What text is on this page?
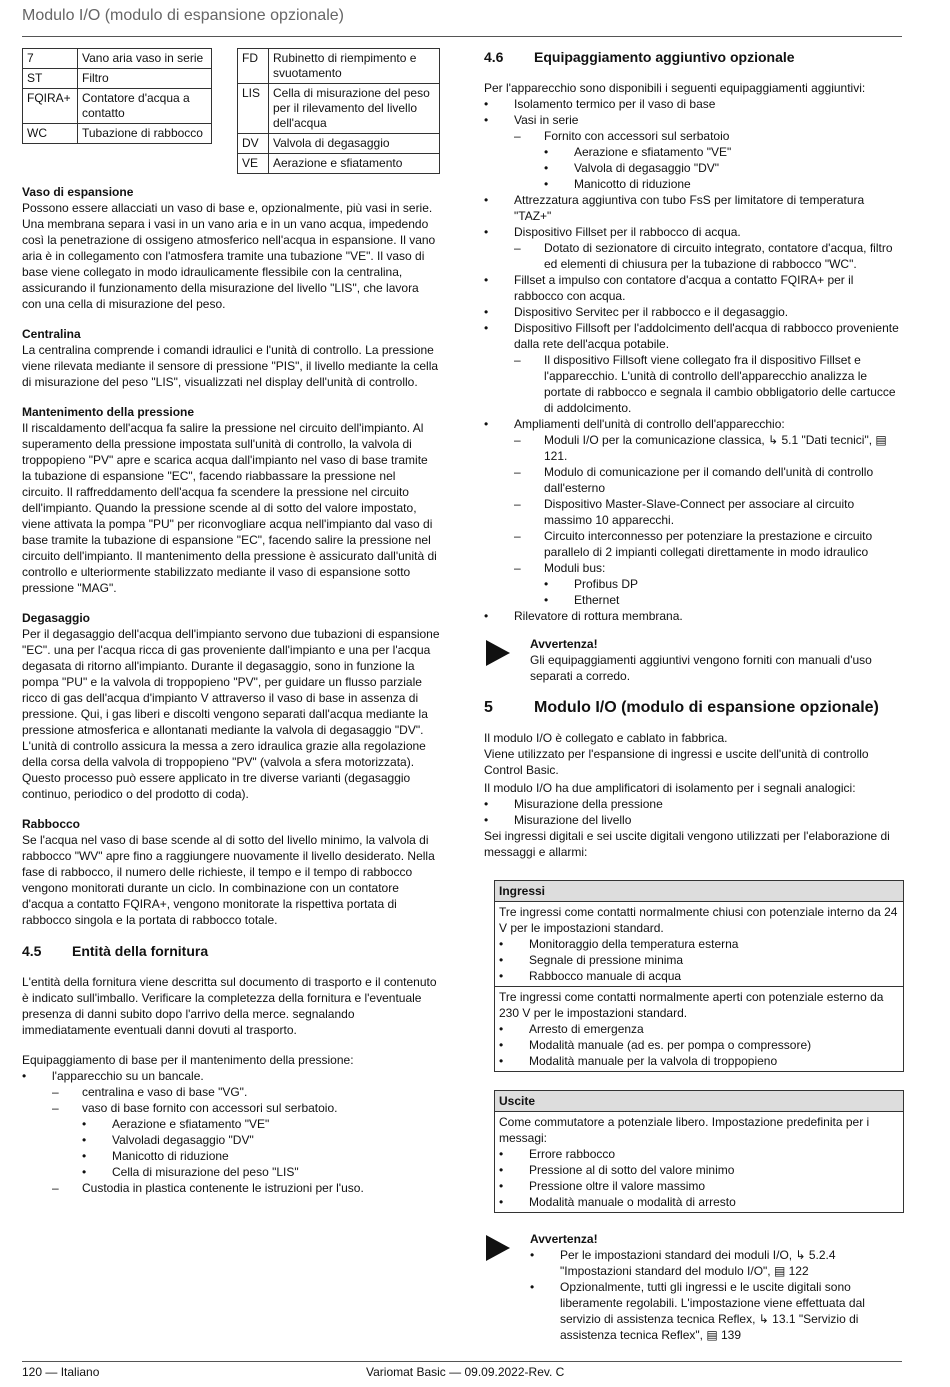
Modulo I/O (modulo di espansione opzionale)
7	Vano aria vaso in serie
ST	Filtro
FQIRA+	Contatore d'acqua a contatto
WC	Tubazione di rabbocco
FD	Rubinetto di riempimento e svuotamento
LIS	Cella di misurazione del peso per il rilevamento del livello dell'acqua
DV	Valvola di degasaggio
VE	Aerazione e sfiatamento
Vaso di espansione

Possono essere allacciati un vaso di base e, opzionalmente, più vasi in serie. Una membrana separa i vasi in un vano aria e in un vano acqua, impedendo così la penetrazione di ossigeno atmosferico nell'acqua in espansione. Il vano aria è in collegamento con l'atmosfera tramite una tubazione "VE". Il vaso di base viene collegato in modo idraulicamente flessibile con la centralina, assicurando il funzionamento della misurazione del livello "LIS", che lavora con una cella di misurazione del peso.

Centralina

La centralina comprende i comandi idraulici e l'unità di controllo. La pressione viene rilevata mediante il sensore di pressione "PIS", il livello mediante la cella di misurazione del peso "LIS", visualizzati nel display dell'unità di controllo.

Mantenimento della pressione

Il riscaldamento dell'acqua fa salire la pressione nel circuito dell'impianto. Al superamento della pressione impostata sull'unità di controllo, la valvola di troppopieno "PV" apre e scarica acqua dall'impianto nel vaso di base tramite la tubazione di espansione "EC", facendo riabbassare la pressione nel circuito. Il raffreddamento dell'acqua fa scendere la pressione nel circuito dell'impianto. Quando la pressione scende al di sotto del valore impostato, viene attivata la pompa "PU" per riconvogliare acqua nell'impianto dal vaso di base tramite la tubazione di espansione "EC", facendo salire la pressione nel circuito dell'impianto. Il mantenimento della pressione è assicurato dall'unità di controllo e ulteriormente stabilizzato mediante il vaso di espansione sotto pressione "MAG".

Degasaggio

Per il degasaggio dell'acqua dell'impianto servono due tubazioni di espansione "EC". una per l'acqua ricca di gas proveniente dall'impianto e una per l'acqua degasata di ritorno all'impianto. Durante il degasaggio, sono in funzione la pompa "PU" e la valvola di troppopieno "PV", per guidare un flusso parziale ricco di gas dell'acqua d'impianto V attraverso il vaso di base in assenza di pressione. Qui, i gas liberi e discolti vengono separati dall'acqua mediante la pressione atmosferica e allontanati mediante la valvola di degasaggio "DV". L'unità di controllo assicura la messa a zero idraulica grazie alla regolazione della corsa della valvola di troppopieno "PV" (valvola a sfera motorizzata). Questo processo può essere applicato in tre diverse varianti (degasaggio continuo, periodico o del prodotto di coda).

Rabbocco

Se l'acqua nel vaso di base scende al di sotto del livello minimo, la valvola di rabbocco "WV" apre fino a raggiungere nuovamente il livello desiderato. Nella fase di rabbocco, il numero delle richieste, il tempo e il tempo di rabbocco vengono monitorati durante un ciclo. In combinazione con un contatore d'acqua a contatto FQIRA+, vengono monitorate la rispettiva portata di rabbocco singola e la portata di rabbocco totale.

4.5 Entità della fornitura

L'entità della fornitura viene descritta sul documento di trasporto e il contenuto è indicato sull'imballo. Verificare la completezza della fornitura e l'eventuale presenza di danni subito dopo l'arrivo della merce. segnalando immediatamente eventuali danni dovuti al trasporto.

Equipaggiamento di base per il mantenimento della pressione:

• l'apparecchio su un bancale.
– centralina e vaso di base "VG".
– vaso di base fornito con accessori sul serbatoio.
• Aerazione e sfiatamento "VE"
• Valvoladi degasaggio "DV"
• Manicotto di riduzione
• Cella di misurazione del peso "LIS"
– Custodia in plastica contenente le istruzioni per l'uso.
4.6 Equipaggiamento aggiuntivo opzionale

Per l'apparecchio sono disponibili i seguenti equipaggiamenti aggiuntivi:

• Isolamento termico per il vaso di base
• Vasi in serie
– Fornito con accessori sul serbatoio
• Aerazione e sfiatamento "VE"
• Valvola di degasaggio "DV"
• Manicotto di riduzione
• Attrezzatura aggiuntiva con tubo FsS per limitatore di temperatura "TAZ+"
• Dispositivo Fillset per il rabbocco di acqua.
– Dotato di sezionatore di circuito integrato, contatore d'acqua, filtro ed elementi di chiusura per la tubazione di rabbocco "WC".
• Fillset a impulso con contatore d'acqua a contatto FQIRA+ per il rabbocco con acqua.
• Dispositivo Servitec per il rabbocco e il degasaggio.
• Dispositivo Fillsoft per l'addolcimento dell'acqua di rabbocco proveniente dalla rete dell'acqua potabile.
– Il dispositivo Fillsoft viene collegato fra il dispositivo Fillset e l'apparecchio. L'unità di controllo dell'apparecchio analizza le portate di rabbocco e segnala il cambio obbligatorio delle cartucce di addolcimento.
• Ampliamenti dell'unità di controllo dell'apparecchio:
– Moduli I/O per la comunicazione classica, ↳ 5.1 "Dati tecnici", ▤ 121.
– Modulo di comunicazione per il comando dell'unità di controllo dall'esterno
– Dispositivo Master-Slave-Connect per associare al circuito massimo 10 apparecchi.
– Circuito interconnesso per potenziare la prestazione e circuito parallelo di 2 impianti collegati direttamente in modo idraulico
– Moduli bus:
• Profibus DP
• Ethernet
• Rilevatore di rottura membrana.
Avvertenza!
Gli equipaggiamenti aggiuntivi vengono forniti con manuali d'uso separati a corredo.
5	Modulo I/O (modulo di espansione opzionale)
Il modulo I/O è collegato e cablato in fabbrica.
Viene utilizzato per l'espansione di ingressi e uscite dell'unità di controllo Control Basic.
Il modulo I/O ha due amplificatori di isolamento per i segnali analogici:
• Misurazione della pressione
• Misurazione del livello

Sei ingressi digitali e sei uscite digitali vengono utilizzati per l'elaborazione di messaggi e allarmi:

Ingressi
Tre ingressi come contatti normalmente chiusi con potenziale interno da 24 V per le impostazioni standard.
• Monitoraggio della temperatura esterna
• Segnale di pressione minima
• Rabbocco manuale di acqua
Tre ingressi come contatti normalmente aperti con potenziale esterno da 230 V per le impostazioni standard.
• Arresto di emergenza
• Modalità manuale (ad es. per pompa o compressore)
• Modalità manuale per la valvola di troppopieno
Uscite
Come commutatore a potenziale libero. Impostazione predefinita per i messagi:
• Errore rabbocco
• Pressione al di sotto del valore minimo
• Pressione oltre il valore massimo
• Modalità manuale o modalità di arresto
Avvertenza!
• Per le impostazioni standard dei moduli I/O, ↳ 5.2.4 "Impostazioni standard del modulo I/O", ▤ 122
• Opzionalmente, tutti gli ingressi e le uscite digitali sono liberamente regolabili. L'impostazione viene effettuata dal servizio di assistenza tecnica Reflex, ↳ 13.1 "Servizio di assistenza tecnica Reflex", ▤ 139
120 — Italiano	Variomat Basic — 09.09.2022-Rev. C
